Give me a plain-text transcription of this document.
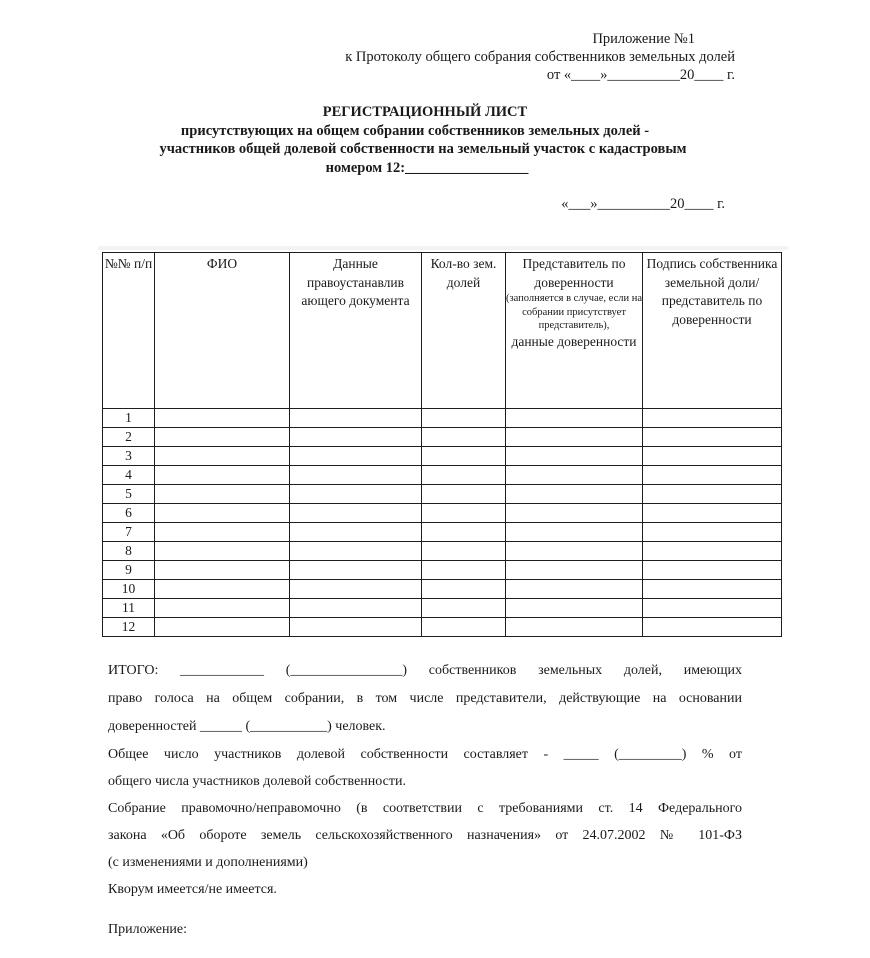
Приложение №1
к Протоколу общего собрания собственников земельных долей
от «____»__________20____ г.
РЕГИСТРАЦИОННЫЙ ЛИСТ
присутствующих на общем собрании собственников земельных долей -
участников общей долевой собственности на земельный участок с кадастровым
номером 12:_________________
«___»__________20____ г.
№№ п/п	ФИО	Данные правоустанавлив ающего документа	Кол-во зем. долей	Представитель по доверенности
(заполняется в случае, если на собрании присутствует представитель),
данные доверенности	Подпись собственника земельной доли/ представитель по доверенности
1					
2					
3					
4					
5					
6					
7					
8					
9					
10					
11					
12					
ИТОГО: ____________ (________________) собственников земельных долей, имеющих
право голоса на общем собрании, в том числе представители, действующие на основании
доверенностей ______ (___________) человек.
Общее число участников долевой собственности составляет - _____ (_________) % от
общего числа участников долевой собственности.
Собрание правомочно/неправомочно (в соответствии с требованиями ст. 14 Федерального
закона «Об обороте земель сельскохозяйственного назначения» от 24.07.2002 № 101-ФЗ
(с изменениями и дополнениями)
Кворум имеется/не имеется.
Приложение:
